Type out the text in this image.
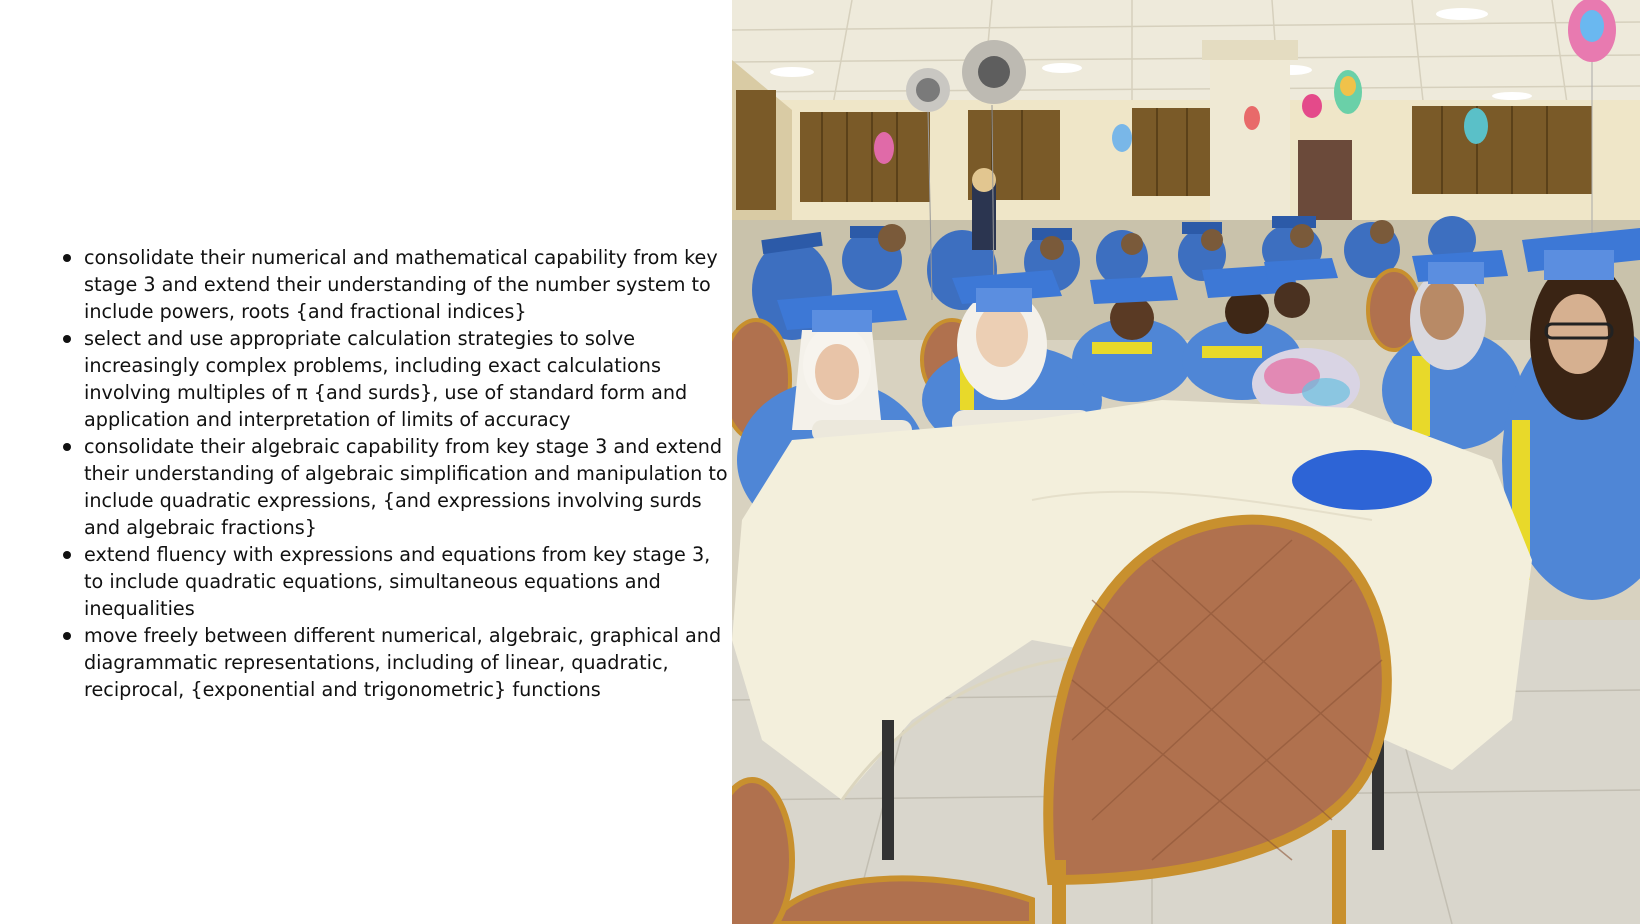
consolidate their numerical and mathematical capability from key stage 3 and extend their understanding of the number system to include powers, roots {and fractional indices}
select and use appropriate calculation strategies to solve increasingly complex problems, including exact calculations involving multiples of π {and surds}, use of standard form and application and interpretation of limits of accuracy
consolidate their algebraic capability from key stage 3 and extend their understanding of algebraic simplification and manipulation to include quadratic expressions, {and expressions involving surds and algebraic fractions}
extend fluency with expressions and equations from key stage 3, to include quadratic equations, simultaneous equations and inequalities
move freely between different numerical, algebraic, graphical and diagrammatic representations, including of linear, quadratic, reciprocal, {exponential and trigonometric} functions
